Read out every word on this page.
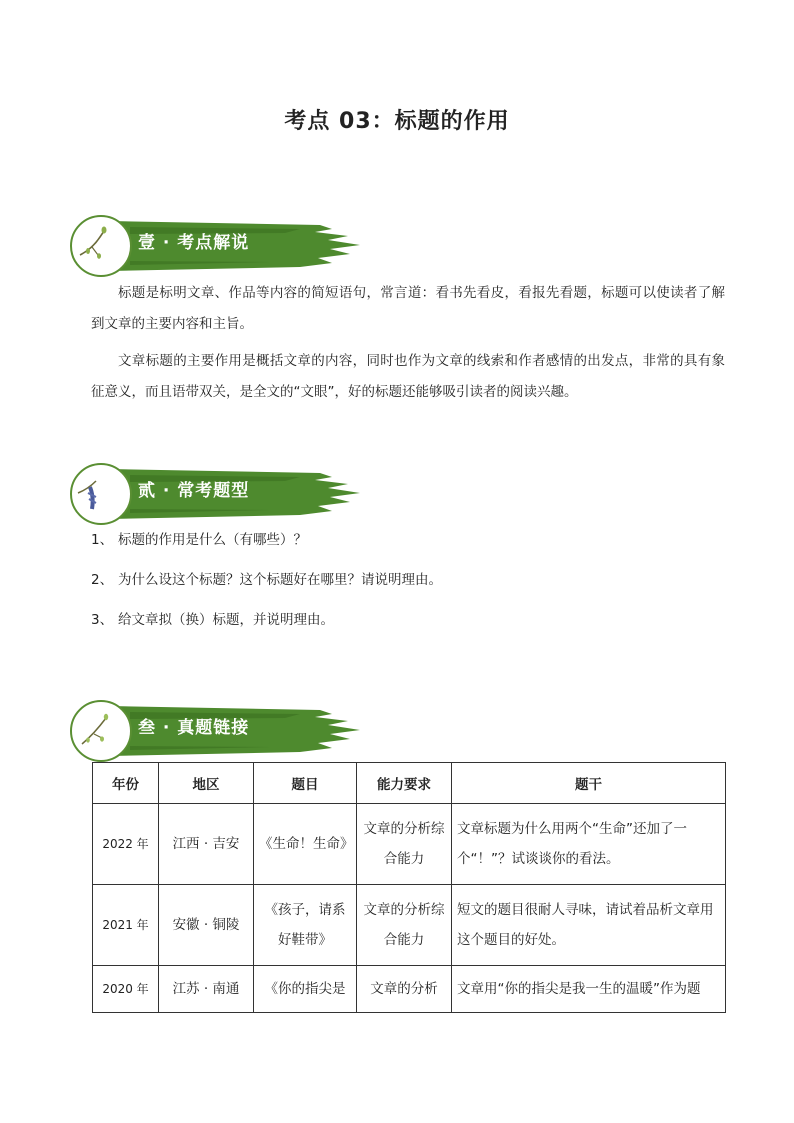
考点 03：标题的作用
壹 · 考点解说

标题是标明文章、作品等内容的简短语句，常言道：看书先看皮，看报先看题，标题可以使读者了解到文章的主要内容和主旨。

文章标题的主要作用是概括文章的内容，同时也作为文章的线索和作者感情的出发点，非常的具有象征意义，而且语带双关，是全文的“文眼”，好的标题还能够吸引读者的阅读兴趣。

贰 · 常考题型
1、 标题的作用是什么（有哪些）？
2、 为什么设这个标题？这个标题好在哪里？请说明理由。
3、 给文章拟（换）标题，并说明理由。
叁 · 真题链接
年份	地区	题目	能力要求	题干
2022 年	江西 · 吉安	《生命！生命》	文章的分析综合能力	文章标题为什么用两个“生命”还加了一个“！”？试谈谈你的看法。
2021 年	安徽 · 铜陵	《孩子，请系好鞋带》	文章的分析综合能力	短文的题目很耐人寻味，请试着品析文章用这个题目的好处。
2020 年	江苏 · 南通	《你的指尖是	文章的分析	文章用“你的指尖是我一生的温暖”作为题
